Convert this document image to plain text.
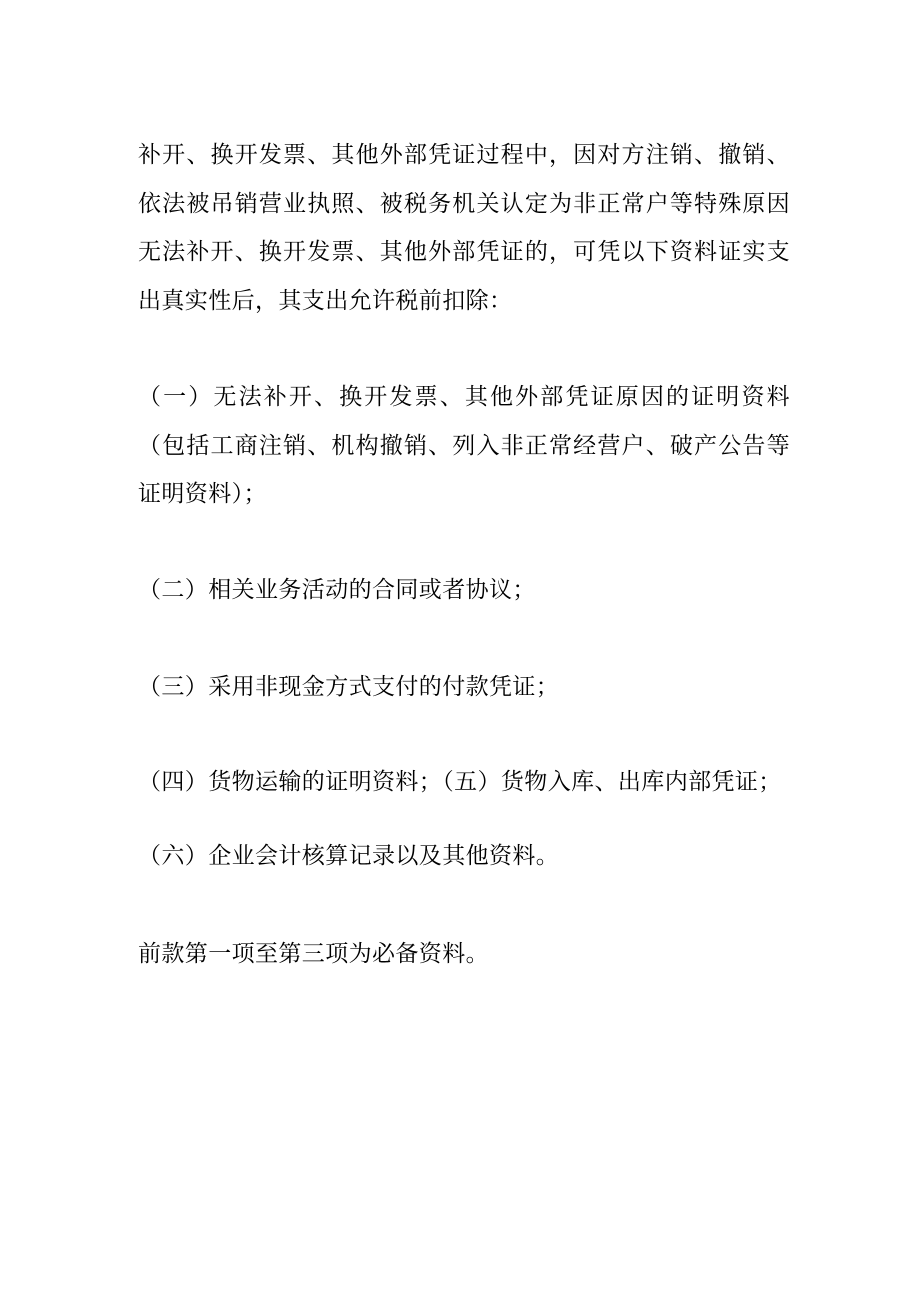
补开、换开发票、其他外部凭证过程中，因对方注销、撤销、依法被吊销营业执照、被税务机关认定为非正常户等特殊原因无法补开、换开发票、其他外部凭证的，可凭以下资料证实支出真实性后，其支出允许税前扣除：

（一）无法补开、换开发票、其他外部凭证原因的证明资料（包括工商注销、机构撤销、列入非正常经营户、破产公告等证明资料）；

（二）相关业务活动的合同或者协议；

（三）采用非现金方式支付的付款凭证；

（四）货物运输的证明资料；（五）货物入库、出库内部凭证；

（六）企业会计核算记录以及其他资料。

前款第一项至第三项为必备资料。
